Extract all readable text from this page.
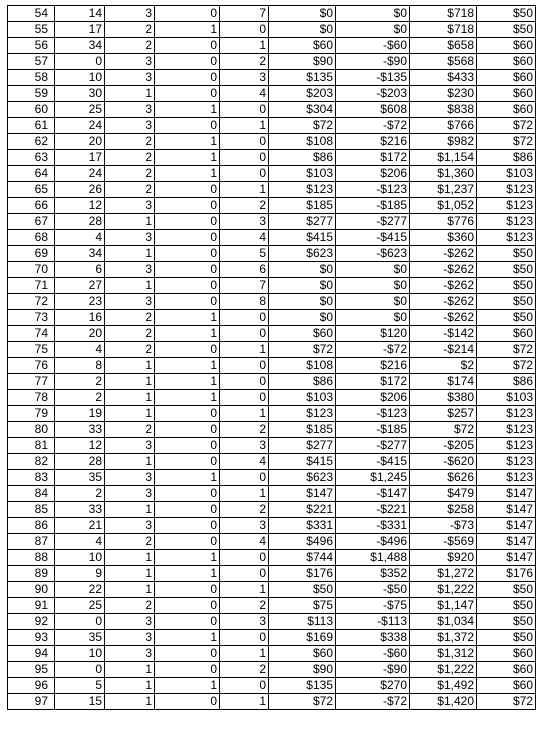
54	14	3	0	7	$0	$0	$718	$50
55	17	2	1	0	$0	$0	$718	$50
56	34	2	0	1	$60	-$60	$658	$60
57	0	3	0	2	$90	-$90	$568	$60
58	10	3	0	3	$135	-$135	$433	$60
59	30	1	0	4	$203	-$203	$230	$60
60	25	3	1	0	$304	$608	$838	$60
61	24	3	0	1	$72	-$72	$766	$72
62	20	2	1	0	$108	$216	$982	$72
63	17	2	1	0	$86	$172	$1,154	$86
64	24	2	1	0	$103	$206	$1,360	$103
65	26	2	0	1	$123	-$123	$1,237	$123
66	12	3	0	2	$185	-$185	$1,052	$123
67	28	1	0	3	$277	-$277	$776	$123
68	4	3	0	4	$415	-$415	$360	$123
69	34	1	0	5	$623	-$623	-$262	$50
70	6	3	0	6	$0	$0	-$262	$50
71	27	1	0	7	$0	$0	-$262	$50
72	23	3	0	8	$0	$0	-$262	$50
73	16	2	1	0	$0	$0	-$262	$50
74	20	2	1	0	$60	$120	-$142	$60
75	4	2	0	1	$72	-$72	-$214	$72
76	8	1	1	0	$108	$216	$2	$72
77	2	1	1	0	$86	$172	$174	$86
78	2	1	1	0	$103	$206	$380	$103
79	19	1	0	1	$123	-$123	$257	$123
80	33	2	0	2	$185	-$185	$72	$123
81	12	3	0	3	$277	-$277	-$205	$123
82	28	1	0	4	$415	-$415	-$620	$123
83	35	3	1	0	$623	$1,245	$626	$123
84	2	3	0	1	$147	-$147	$479	$147
85	33	1	0	2	$221	-$221	$258	$147
86	21	3	0	3	$331	-$331	-$73	$147
87	4	2	0	4	$496	-$496	-$569	$147
88	10	1	1	0	$744	$1,488	$920	$147
89	9	1	1	0	$176	$352	$1,272	$176
90	22	1	0	1	$50	-$50	$1,222	$50
91	25	2	0	2	$75	-$75	$1,147	$50
92	0	3	0	3	$113	-$113	$1,034	$50
93	35	3	1	0	$169	$338	$1,372	$50
94	10	3	0	1	$60	-$60	$1,312	$60
95	0	1	0	2	$90	-$90	$1,222	$60
96	5	1	1	0	$135	$270	$1,492	$60
97	15	1	0	1	$72	-$72	$1,420	$72
